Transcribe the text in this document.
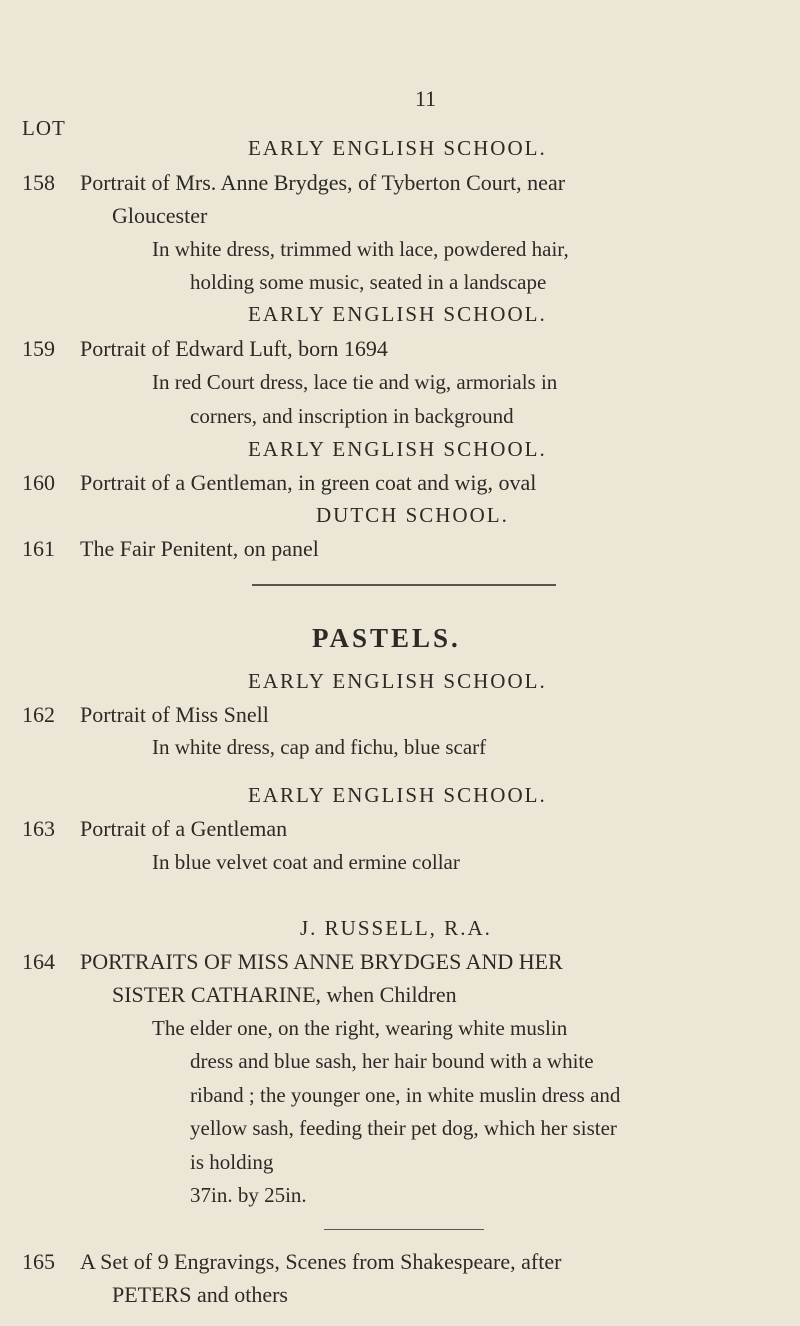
11
LOT
158
EARLY ENGLISH SCHOOL.
Portrait of Mrs. Anne Brydges, of Tyberton Court, near
Gloucester
In white dress, trimmed with lace, powdered hair,
holding some music, seated in a landscape
159
EARLY ENGLISH SCHOOL.
Portrait of Edward Luft, born 1694
In red Court dress, lace tie and wig, armorials in
corners, and inscription in background
160
EARLY ENGLISH SCHOOL.
Portrait of a Gentleman, in green coat and wig, oval
161
DUTCH SCHOOL.
The Fair Penitent, on panel
PASTELS.
162
EARLY ENGLISH SCHOOL.
Portrait of Miss Snell
In white dress, cap and fichu, blue scarf
163
EARLY ENGLISH SCHOOL.
Portrait of a Gentleman
In blue velvet coat and ermine collar
164
J. RUSSELL, R.A.
PORTRAITS OF MISS ANNE BRYDGES AND HER
SISTER CATHARINE, when Children
The elder one, on the right, wearing white muslin
dress and blue sash, her hair bound with a white
riband ; the younger one, in white muslin dress and
yellow sash, feeding their pet dog, which her sister
is holding
37in. by 25in.
165 A Set of 9 Engravings, Scenes from Shakespeare, after
PETERS and others
